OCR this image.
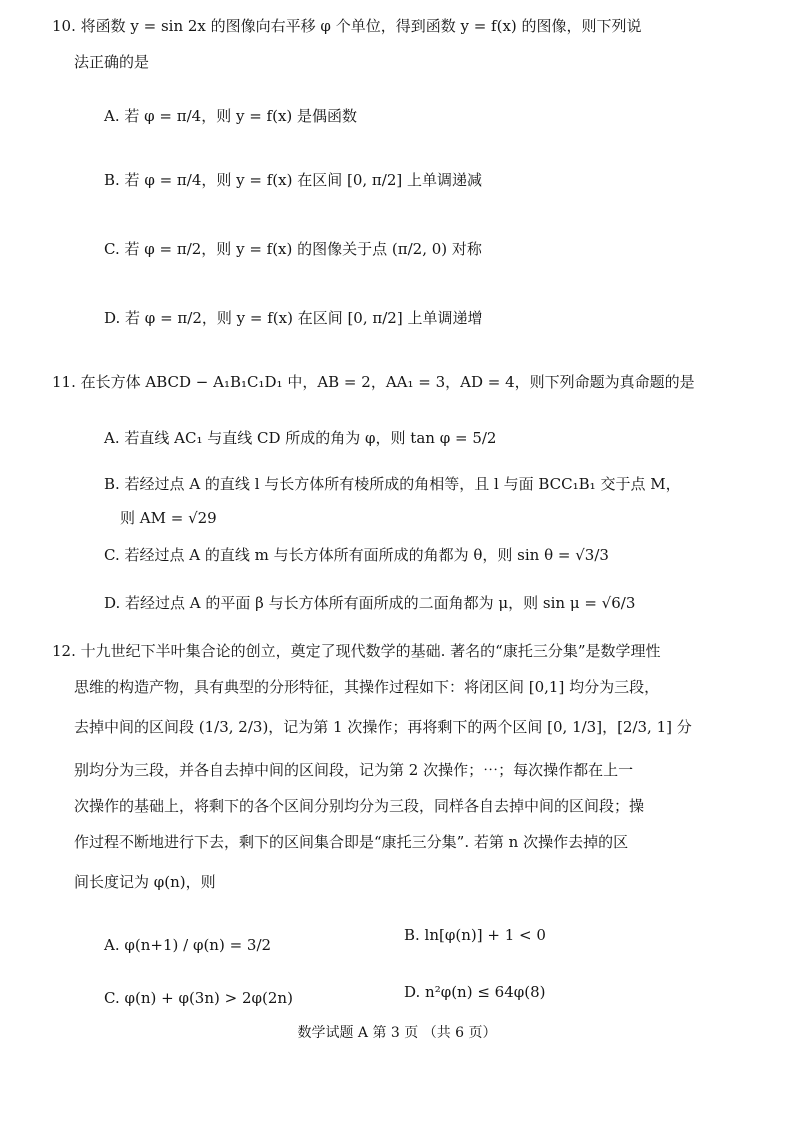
10. 将函数 y = sin 2x 的图像向右平移 φ 个单位，得到函数 y = f(x) 的图像，则下列说
法正确的是
A. 若 φ = π/4，则 y = f(x) 是偶函数
B. 若 φ = π/4，则 y = f(x) 在区间 [0, π/2] 上单调递减
C. 若 φ = π/2，则 y = f(x) 的图像关于点 (π/2, 0) 对称
D. 若 φ = π/2，则 y = f(x) 在区间 [0, π/2] 上单调递增
11. 在长方体 ABCD − A₁B₁C₁D₁ 中，AB = 2，AA₁ = 3，AD = 4，则下列命题为真命题的是
A. 若直线 AC₁ 与直线 CD 所成的角为 φ，则 tan φ = 5/2
B. 若经过点 A 的直线 l 与长方体所有棱所成的角相等，且 l 与面 BCC₁B₁ 交于点 M，
则 AM = √29
C. 若经过点 A 的直线 m 与长方体所有面所成的角都为 θ，则 sin θ = √3/3
D. 若经过点 A 的平面 β 与长方体所有面所成的二面角都为 μ，则 sin μ = √6/3
12. 十九世纪下半叶集合论的创立，奠定了现代数学的基础. 著名的“康托三分集”是数学理性
思维的构造产物，具有典型的分形特征，其操作过程如下：将闭区间 [0,1] 均分为三段，
去掉中间的区间段 (1/3, 2/3)，记为第 1 次操作；再将剩下的两个区间 [0, 1/3]，[2/3, 1] 分
别均分为三段，并各自去掉中间的区间段，记为第 2 次操作；⋯；每次操作都在上一
次操作的基础上，将剩下的各个区间分别均分为三段，同样各自去掉中间的区间段；操
作过程不断地进行下去，剩下的区间集合即是“康托三分集”. 若第 n 次操作去掉的区
间长度记为 φ(n)，则
A. φ(n+1) / φ(n) = 3/2
B. ln[φ(n)] + 1 < 0
C. φ(n) + φ(3n) > 2φ(2n)	D. n²φ(n) ≤ 64φ(8)
数学试题 A 第 3 页 （共 6 页）
